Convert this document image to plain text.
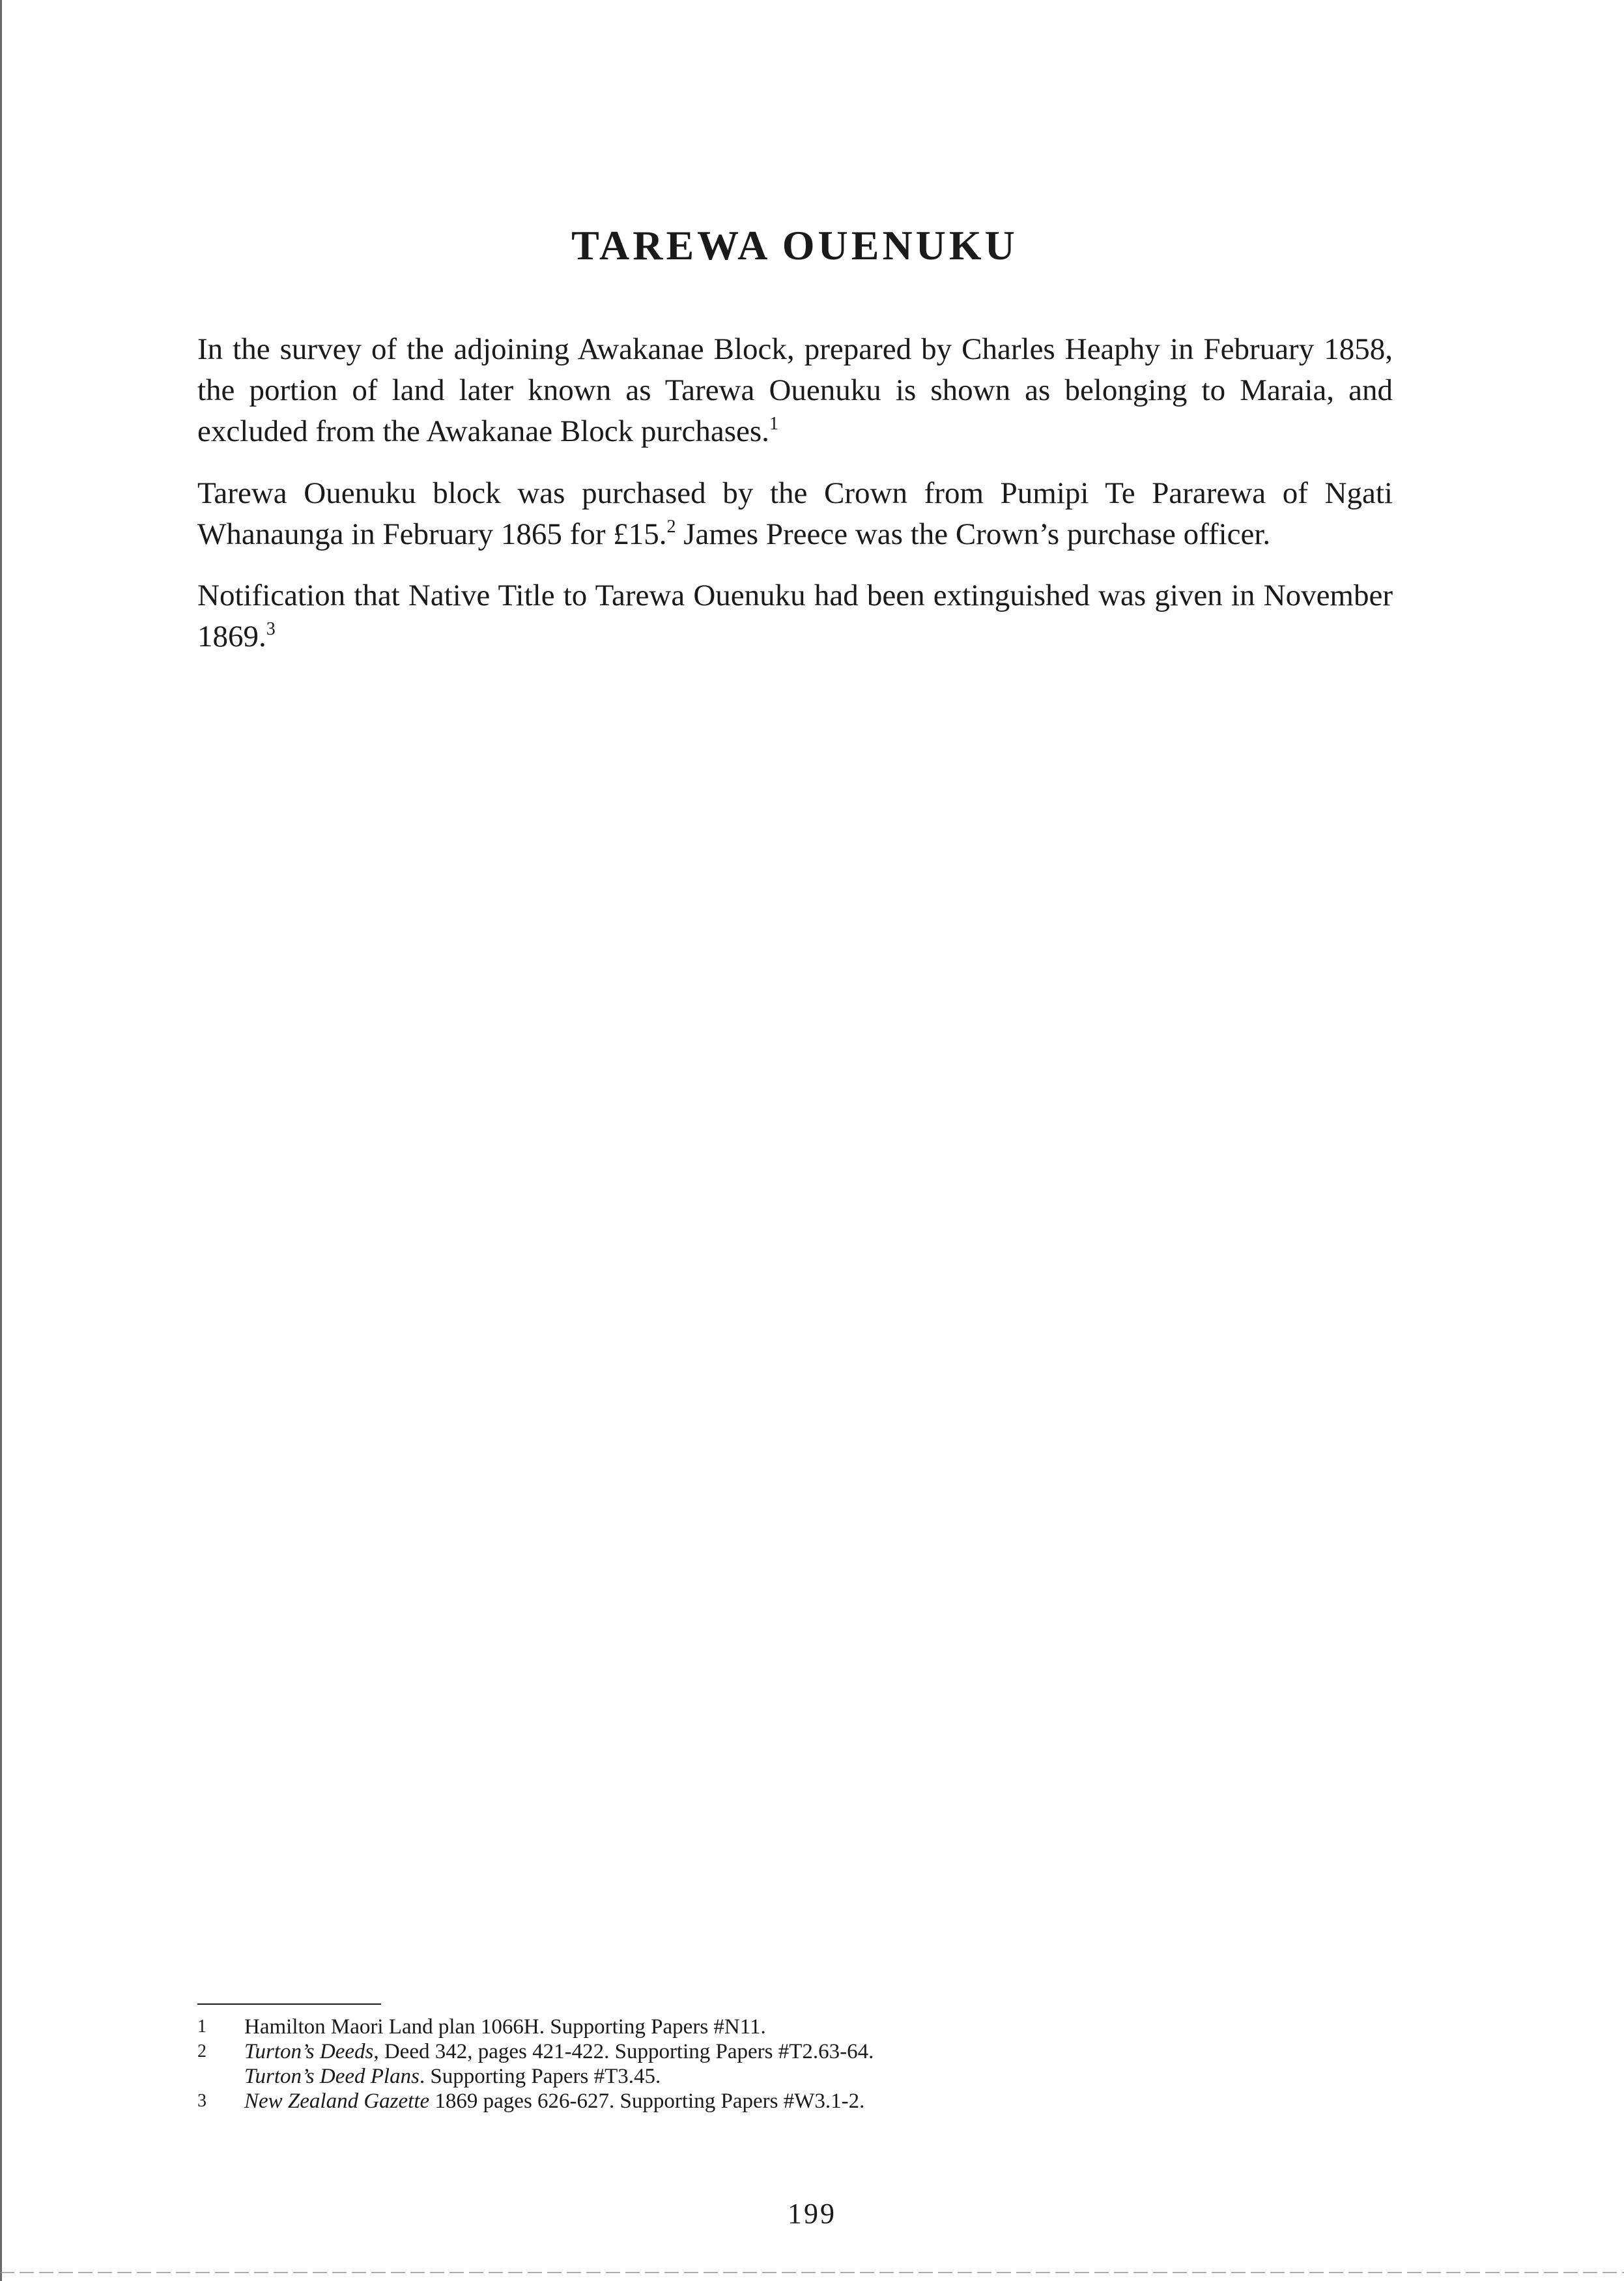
TAREWA OUENUKU

In the survey of the adjoining Awakanae Block, prepared by Charles Heaphy in February 1858, the portion of land later known as Tarewa Ouenuku is shown as belonging to Maraia, and excluded from the Awakanae Block purchases.$^1$

Tarewa Ouenuku block was purchased by the Crown from Pumipi Te Pararewa of Ngati Whanaunga in February 1865 for £15.$^2$ James Preece was the Crown’s purchase officer.

Notification that Native Title to Tarewa Ouenuku had been extinguished was given in November 1869.$^3$

1 Hamilton Maori Land plan 1066H. Supporting Papers #N11.
2 Turton’s Deeds, Deed 342, pages 421-422. Supporting Papers #T2.63-64.
Turton’s Deed Plans. Supporting Papers #T3.45.
3 New Zealand Gazette 1869 pages 626-627. Supporting Papers #W3.1-2.

199
